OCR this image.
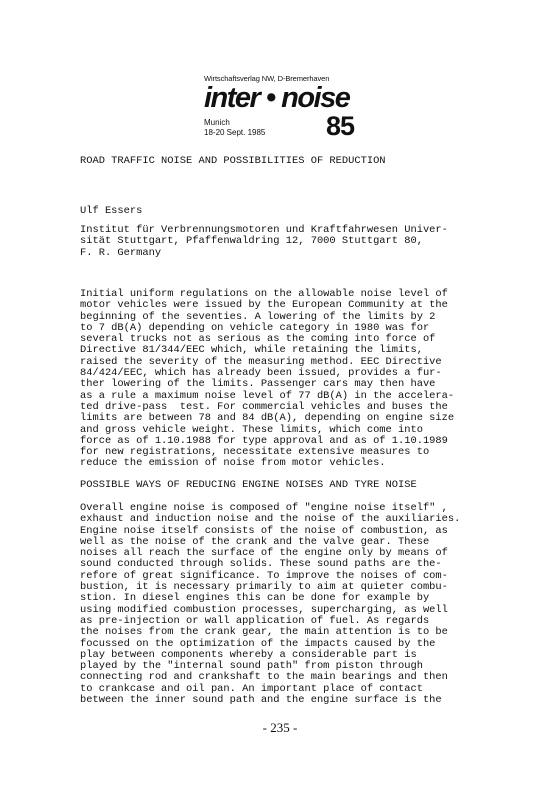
Wirtschaftsverlag NW, D-Bremerhaven
inter • noise
Munich
18-20 Sept. 1985 85
ROAD TRAFFIC NOISE AND POSSIBILITIES OF REDUCTION
Ulf Essers
Institut für Verbrennungsmotoren und Kraftfahrwesen Univer-
sität Stuttgart, Pfaffenwaldring 12, 7000 Stuttgart 80,
F. R. Germany
Initial uniform regulations on the allowable noise level of
motor vehicles were issued by the European Community at the
beginning of the seventies. A lowering of the limits by 2
to 7 dB(A) depending on vehicle category in 1980 was for
several trucks not as serious as the coming into force of
Directive 81/344/EEC which, while retaining the limits,
raised the severity of the measuring method. EEC Directive
84/424/EEC, which has already been issued, provides a fur-
ther lowering of the limits. Passenger cars may then have
as a rule a maximum noise level of 77 dB(A) in the accelera-
ted drive-pass  test. For commercial vehicles and buses the
limits are between 78 and 84 dB(A), depending on engine size
and gross vehicle weight. These limits, which come into
force as of 1.10.1988 for type approval and as of 1.10.1989
for new registrations, necessitate extensive measures to
reduce the emission of noise from motor vehicles.
POSSIBLE WAYS OF REDUCING ENGINE NOISES AND TYRE NOISE
Overall engine noise is composed of "engine noise itself" ,
exhaust and induction noise and the noise of the auxiliaries.
Engine noise itself consists of the noise of combustion, as
well as the noise of the crank and the valve gear. These
noises all reach the surface of the engine only by means of
sound conducted through solids. These sound paths are the-
refore of great significance. To improve the noises of com-
bustion, it is necessary primarily to aim at quieter combu-
stion. In diesel engines this can be done for example by
using modified combustion processes, supercharging, as well
as pre-injection or wall application of fuel. As regards
the noises from the crank gear, the main attention is to be
focussed on the optimization of the impacts caused by the
play between components whereby a considerable part is
played by the "internal sound path" from piston through
connecting rod and crankshaft to the main bearings and then
to crankcase and oil pan. An important place of contact
between the inner sound path and the engine surface is the
- 235 -
